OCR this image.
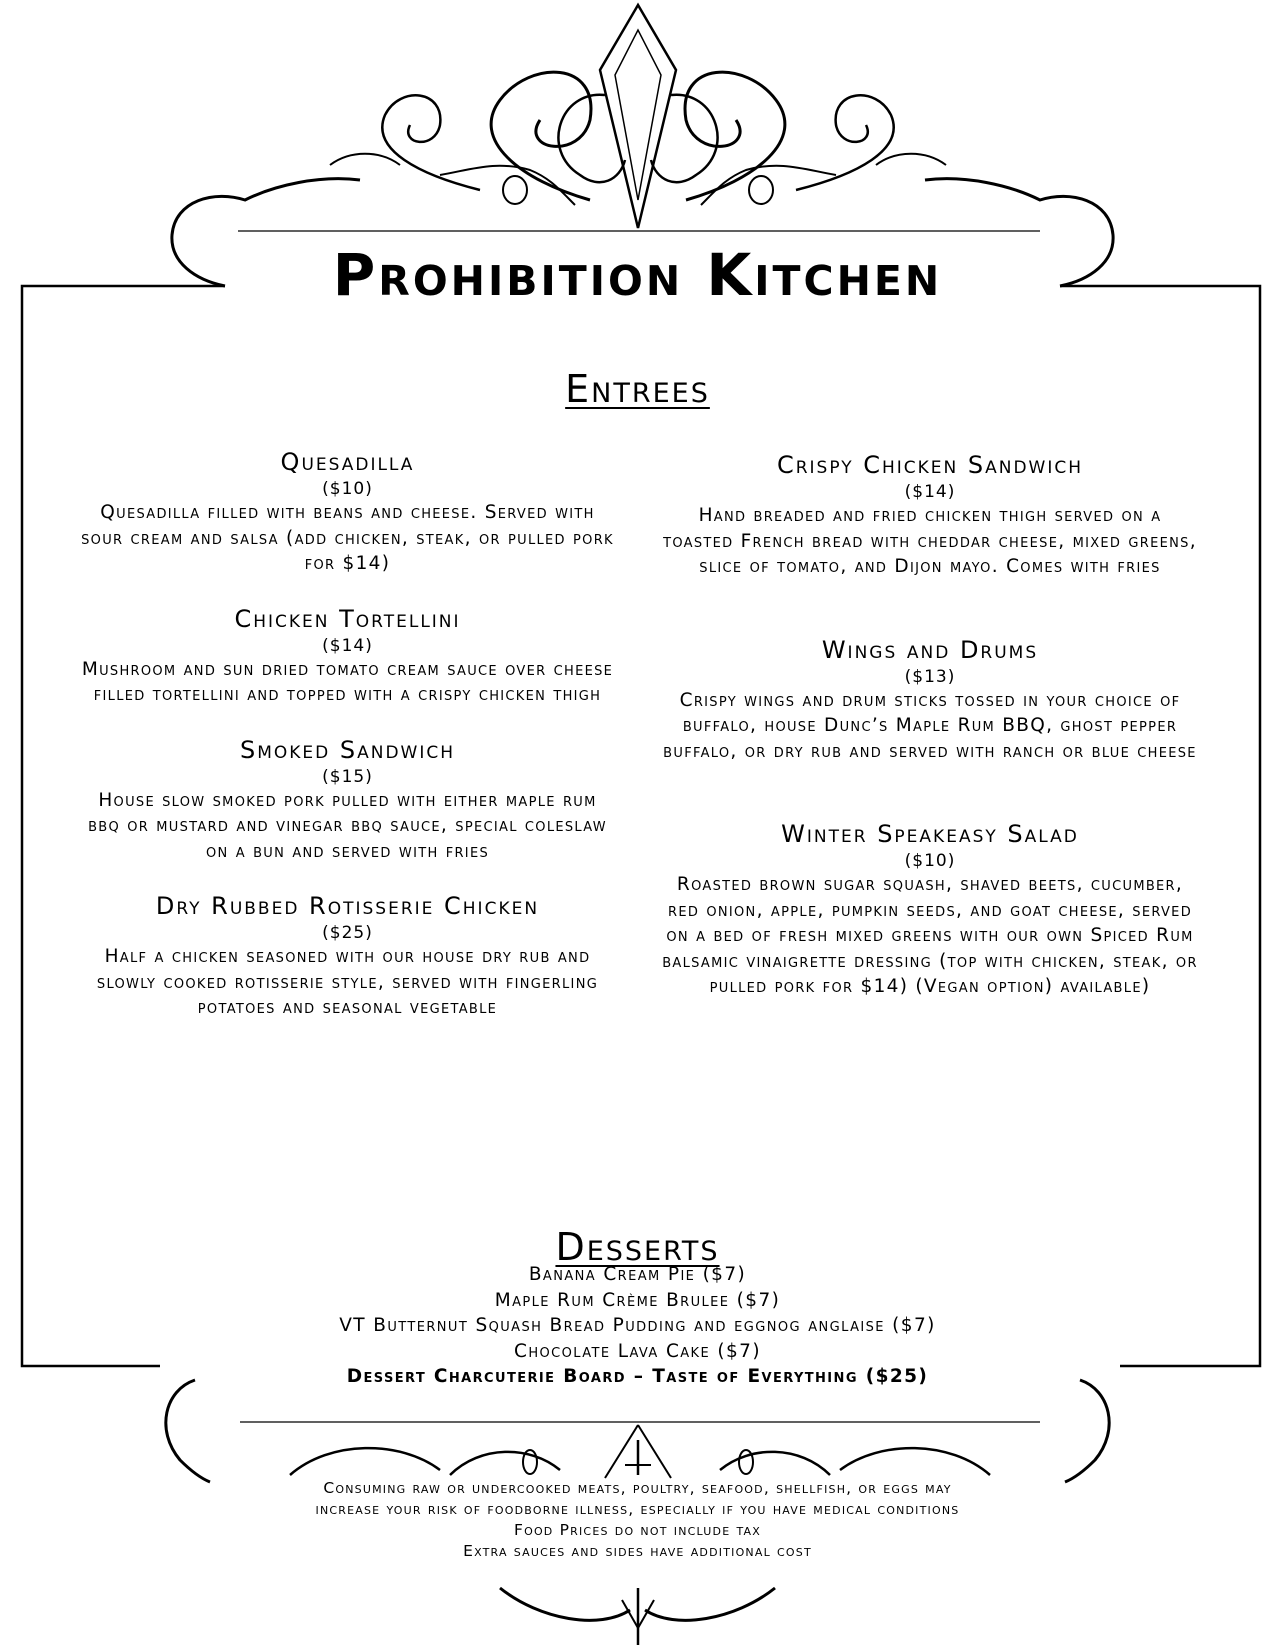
Prohibition Kitchen
Entrees
Quesadilla
($10)
Quesadilla filled with beans and cheese. Served with sour cream and salsa (add chicken, steak, or pulled pork for $14)
Chicken Tortellini
($14)
Mushroom and sun dried tomato cream sauce over cheese filled tortellini and topped with a crispy chicken thigh
Smoked Sandwich
($15)
House slow smoked pork pulled with either maple rum bbq or mustard and vinegar bbq sauce, special coleslaw on a bun and served with fries
Dry Rubbed Rotisserie Chicken
($25)
Half a chicken seasoned with our house dry rub and slowly cooked rotisserie style, served with fingerling potatoes and seasonal vegetable
Crispy Chicken Sandwich
($14)
Hand breaded and fried chicken thigh served on a toasted French bread with cheddar cheese, mixed greens, slice of tomato, and Dijon mayo. Comes with fries
Wings and Drums
($13)
Crispy wings and drum sticks tossed in your choice of buffalo, house Dunc’s Maple Rum BBQ, ghost pepper buffalo, or dry rub and served with ranch or blue cheese
Winter Speakeasy Salad
($10)
Roasted brown sugar squash, shaved beets, cucumber, red onion, apple, pumpkin seeds, and goat cheese, served on a bed of fresh mixed greens with our own Spiced Rum balsamic vinaigrette dressing (top with chicken, steak, or pulled pork for $14) (Vegan option) available)
Desserts
Banana Cream Pie ($7)
Maple Rum Crème Brulee ($7)
VT Butternut Squash Bread Pudding and eggnog anglaise ($7)
Chocolate Lava Cake ($7)
Dessert Charcuterie Board – Taste of Everything ($25)
Consuming raw or undercooked meats, poultry, seafood, shellfish, or eggs may
increase your risk of foodborne illness, especially if you have medical conditions
Food Prices do not include tax
Extra sauces and sides have additional cost
